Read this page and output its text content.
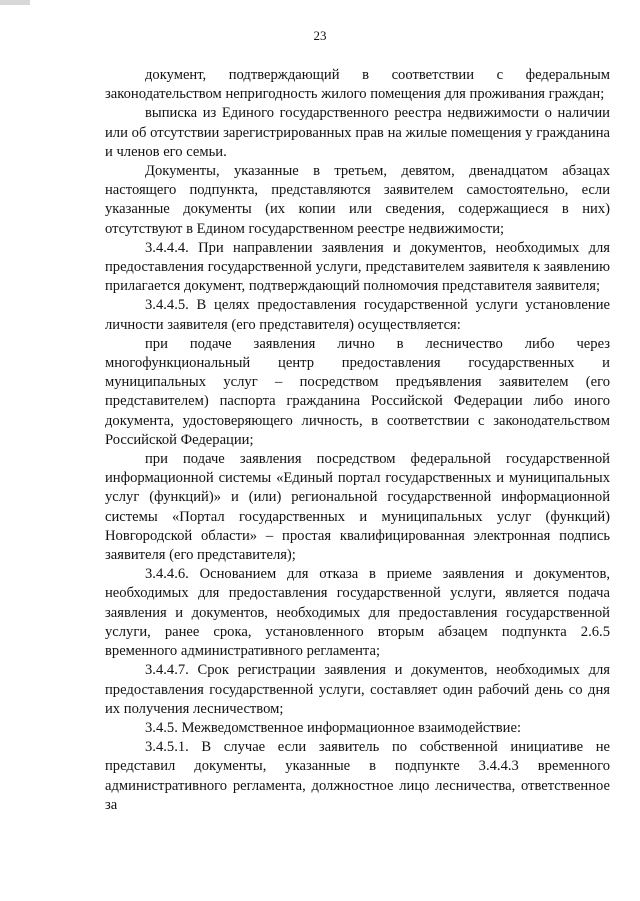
23

документ, подтверждающий в соответствии с федеральным законодательством непригодность жилого помещения для проживания граждан;

выписка из Единого государственного реестра недвижимости о наличии или об отсутствии зарегистрированных прав на жилые помещения у гражданина и членов его семьи.

Документы, указанные в третьем, девятом, двенадцатом абзацах настоящего подпункта, представляются заявителем самостоятельно, если указанные документы (их копии или сведения, содержащиеся в них) отсутствуют в Едином государственном реестре недвижимости;

3.4.4.4. При направлении заявления и документов, необходимых для предоставления государственной услуги, представителем заявителя к заявлению прилагается документ, подтверждающий полномочия представителя заявителя;

3.4.4.5. В целях предоставления государственной услуги установление личности заявителя (его представителя) осуществляется:

при подаче заявления лично в лесничество либо через многофункциональный центр предоставления государственных и муниципальных услуг – посредством предъявления заявителем (его представителем) паспорта гражданина Российской Федерации либо иного документа, удостоверяющего личность, в соответствии с законодательством Российской Федерации;

при подаче заявления посредством федеральной государственной информационной системы «Единый портал государственных и муниципальных услуг (функций)» и (или) региональной государственной информационной системы «Портал государственных и муниципальных услуг (функций) Новгородской области» – простая квалифицированная электронная подпись заявителя (его представителя);

3.4.4.6. Основанием для отказа в приеме заявления и документов, необходимых для предоставления государственной услуги, является подача заявления и документов, необходимых для предоставления государственной услуги, ранее срока, установленного вторым абзацем подпункта 2.6.5 временного административного регламента;

3.4.4.7. Срок регистрации заявления и документов, необходимых для предоставления государственной услуги, составляет один рабочий день со дня их получения лесничеством;

3.4.5. Межведомственное информационное взаимодействие:

3.4.5.1. В случае если заявитель по собственной инициативе не представил документы, указанные в подпункте 3.4.4.3 временного административного регламента, должностное лицо лесничества, ответственное за
